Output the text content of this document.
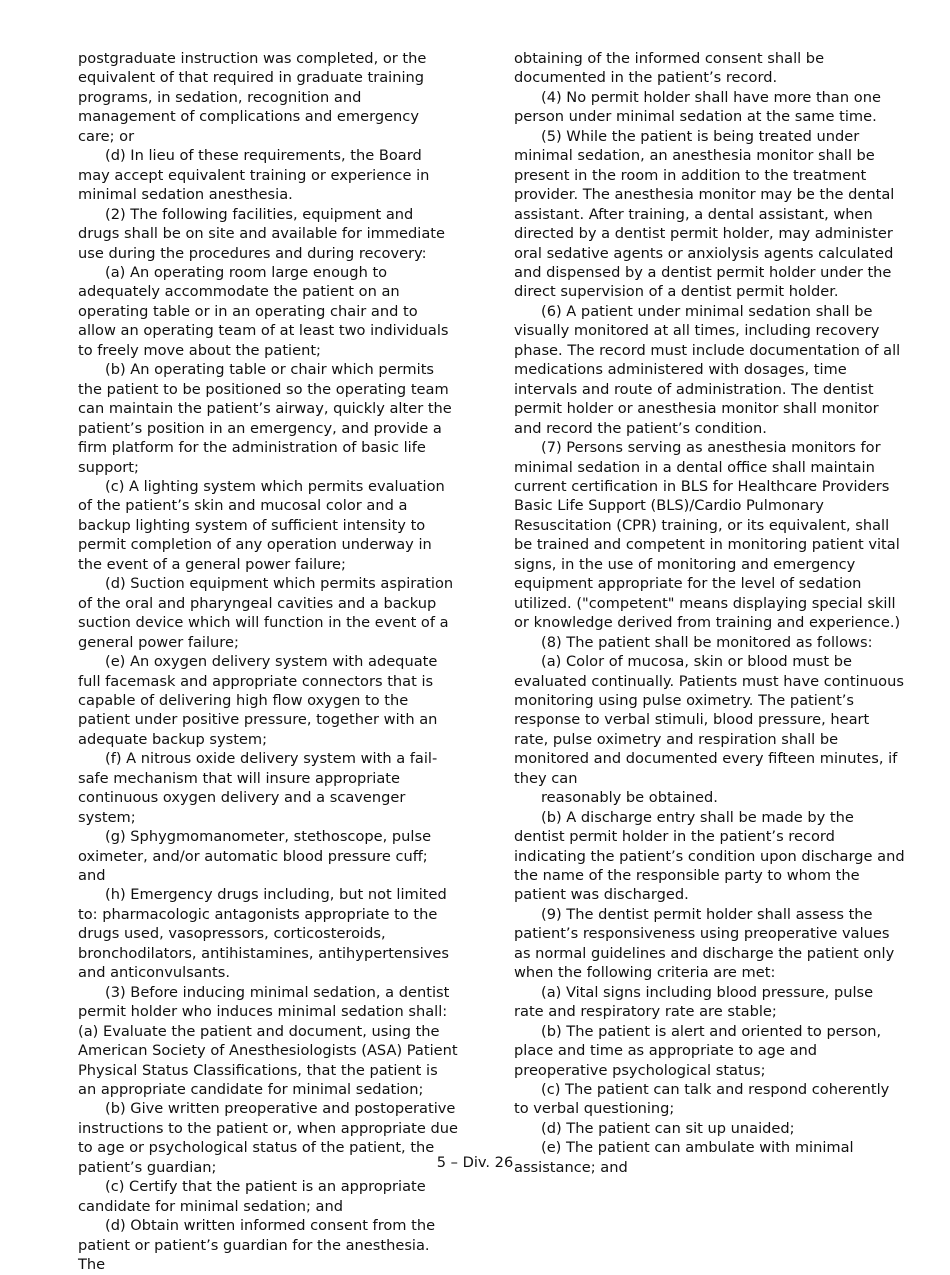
postgraduate instruction was completed, or the equivalent of that required in graduate training programs, in sedation, recognition and management of complications and emergency care; or

(d) In lieu of these requirements, the Board may accept equivalent training or experience in minimal sedation anesthesia.

(2) The following facilities, equipment and drugs shall be on site and available for immediate use during the procedures and during recovery:

(a) An operating room large enough to adequately accommodate the patient on an operating table or in an operating chair and to allow an operating team of at least two individuals to freely move about the patient;

(b) An operating table or chair which permits the patient to be positioned so the operating team can maintain the patient’s airway, quickly alter the patient’s position in an emergency, and provide a firm platform for the administration of basic life support;

(c) A lighting system which permits evaluation of the patient’s skin and mucosal color and a backup lighting system of sufficient intensity to permit completion of any operation underway in the event of a general power failure;

(d) Suction equipment which permits aspiration of the oral and pharyngeal cavities and a backup suction device which will function in the event of a general power failure;

(e) An oxygen delivery system with adequate full facemask and appropriate connectors that is capable of delivering high flow oxygen to the patient under positive pressure, together with an adequate backup system;

(f) A nitrous oxide delivery system with a fail-safe mechanism that will insure appropriate continuous oxygen delivery and a scavenger system;

(g) Sphygmomanometer, stethoscope, pulse oximeter, and/or automatic blood pressure cuff; and

(h) Emergency drugs including, but not limited to: pharmacologic antagonists appropriate to the drugs used, vasopressors, corticosteroids, bronchodilators, antihistamines, antihypertensives and anticonvulsants.

(3) Before inducing minimal sedation, a dentist permit holder who induces minimal sedation shall:(a) Evaluate the patient and document, using the American Society of Anesthesiologists (ASA) Patient Physical Status Classifications, that the patient is an appropriate candidate for minimal sedation;

(b) Give written preoperative and postoperative instructions to the patient or, when appropriate due to age or psychological status of the patient, the patient’s guardian;

(c) Certify that the patient is an appropriate candidate for minimal sedation; and

(d) Obtain written informed consent from the patient or patient’s guardian for the anesthesia. The

obtaining of the informed consent shall be documented in the patient’s record.

(4) No permit holder shall have more than one person under minimal sedation at the same time.

(5) While the patient is being treated under minimal sedation, an anesthesia monitor shall be present in the room in addition to the treatment provider. The anesthesia monitor may be the dental assistant. After training, a dental assistant, when directed by a dentist permit holder, may administer oral sedative agents or anxiolysis agents calculated and dispensed by a dentist permit holder under the direct supervision of a dentist permit holder.

(6) A patient under minimal sedation shall be visually monitored at all times, including recovery phase. The record must include documentation of all medications administered with dosages, time intervals and route of administration. The dentist permit holder or anesthesia monitor shall monitor and record the patient’s condition.

(7) Persons serving as anesthesia monitors for minimal sedation in a dental office shall maintain current certification in BLS for Healthcare Providers Basic Life Support (BLS)/Cardio Pulmonary Resuscitation (CPR) training, or its equivalent, shall be trained and competent in monitoring patient vital signs, in the use of monitoring and emergency equipment appropriate for the level of sedation utilized. ("competent" means displaying special skill or knowledge derived from training and experience.)

(8) The patient shall be monitored as follows:

(a) Color of mucosa, skin or blood must be evaluated continually. Patients must have continuous monitoring using pulse oximetry. The patient’s response to verbal stimuli, blood pressure, heart rate, pulse oximetry and respiration shall be monitored and documented every fifteen minutes, if they can

reasonably be obtained.

(b) A discharge entry shall be made by the dentist permit holder in the patient’s record indicating the patient’s condition upon discharge and the name of the responsible party to whom the patient was discharged.

(9) The dentist permit holder shall assess the patient’s responsiveness using preoperative values as normal guidelines and discharge the patient only when the following criteria are met:

(a) Vital signs including blood pressure, pulse rate and respiratory rate are stable;

(b) The patient is alert and oriented to person, place and time as appropriate to age and preoperative psychological status;

(c) The patient can talk and respond coherently to verbal questioning;

(d) The patient can sit up unaided;

(e) The patient can ambulate with minimal assistance; and

5 – Div. 26
